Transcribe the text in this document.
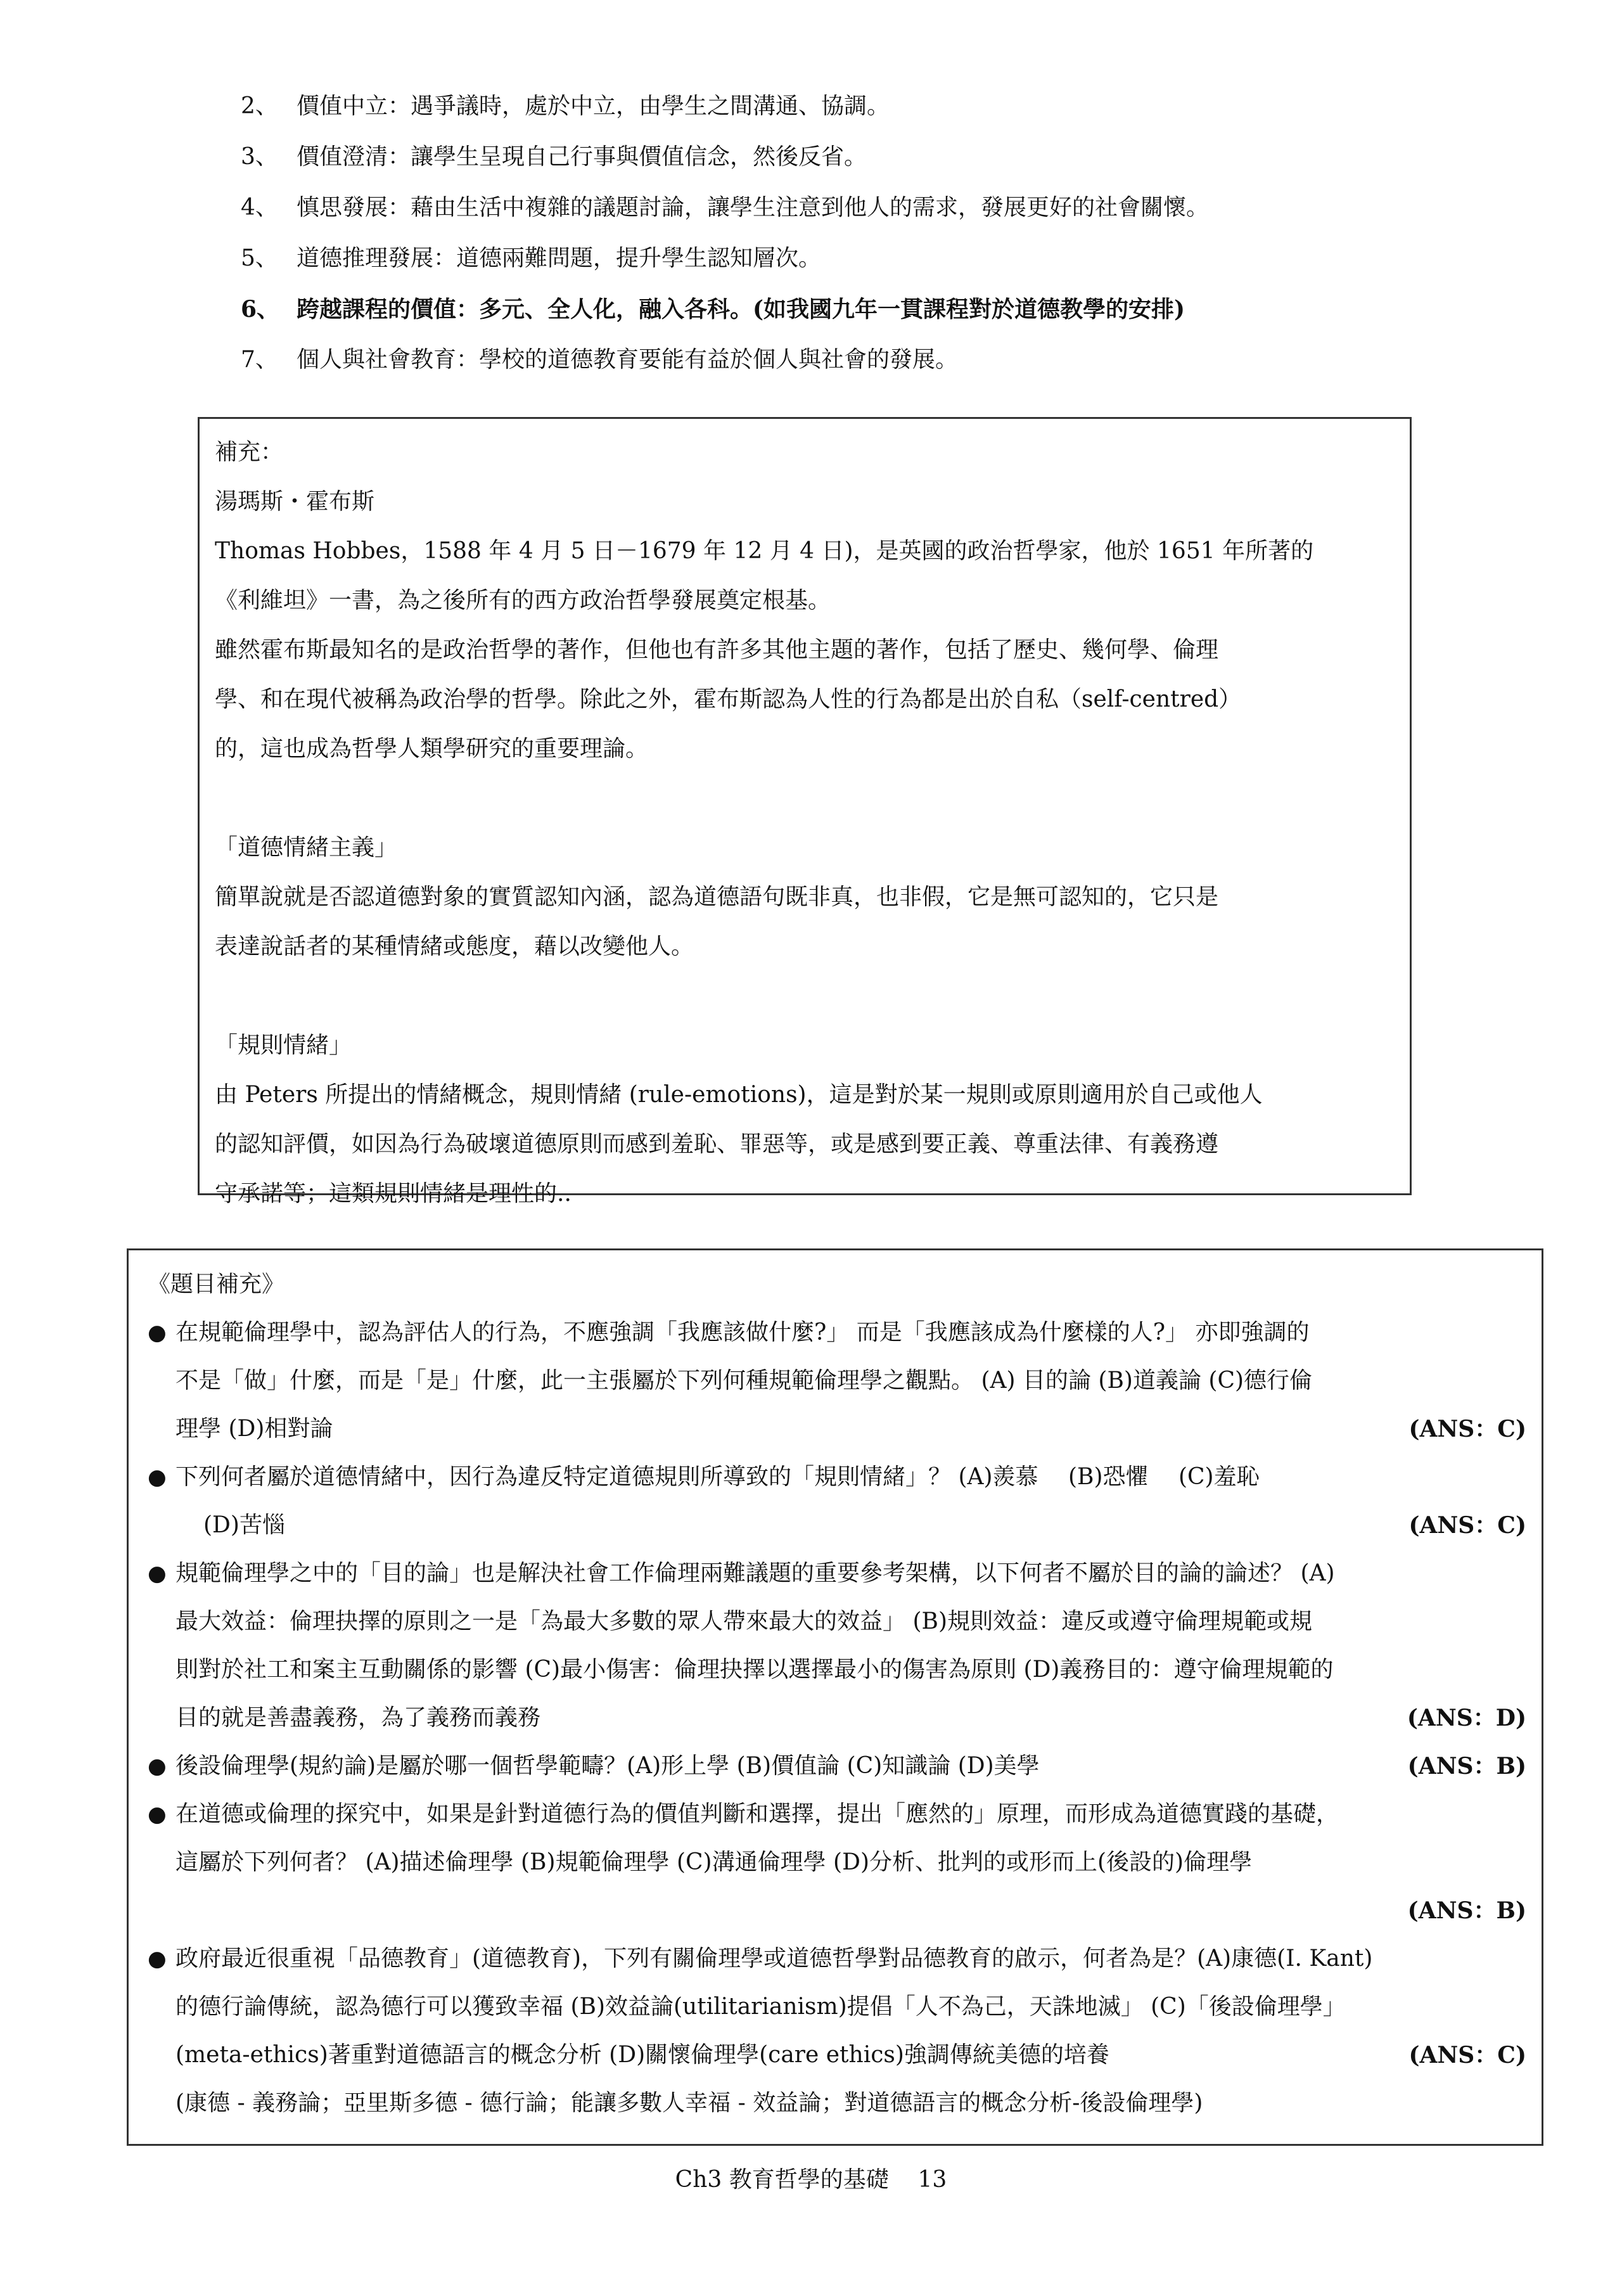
2、 價值中立：遇爭議時，處於中立，由學生之間溝通、協調。
3、 價值澄清：讓學生呈現自己行事與價值信念，然後反省。
4、 慎思發展：藉由生活中複雜的議題討論，讓學生注意到他人的需求，發展更好的社會關懷。
5、 道德推理發展：道德兩難問題，提升學生認知層次。
6、 跨越課程的價值：多元、全人化，融入各科。(如我國九年一貫課程對於道德教學的安排)
7、 個人與社會教育：學校的道德教育要能有益於個人與社會的發展。
補充：
湯瑪斯・霍布斯
Thomas Hobbes，1588 年 4 月 5 日－1679 年 12 月 4 日)，是英國的政治哲學家，他於 1651 年所著的
《利維坦》一書，為之後所有的西方政治哲學發展奠定根基。
雖然霍布斯最知名的是政治哲學的著作，但他也有許多其他主題的著作，包括了歷史、幾何學、倫理
學、和在現代被稱為政治學的哲學。除此之外，霍布斯認為人性的行為都是出於自私（self-centred）
的，這也成為哲學人類學研究的重要理論。
「道德情緒主義」
簡單說就是否認道德對象的實質認知內涵，認為道德語句既非真，也非假，它是無可認知的，它只是
表達說話者的某種情緒或態度，藉以改變他人。
「規則情緒」
由 Peters 所提出的情緒概念，規則情緒 (rule-emotions)，這是對於某一規則或原則適用於自己或他人
的認知評價，如因為行為破壞道德原則而感到羞恥、罪惡等，或是感到要正義、尊重法律、有義務遵
守承諾等；這類規則情緒是理性的..
《題目補充》
● 在規範倫理學中，認為評估人的行為，不應強調「我應該做什麼?」 而是「我應該成為什麼樣的人?」 亦即強調的
不是「做」什麼，而是「是」什麼，此一主張屬於下列何種規範倫理學之觀點。 (A) 目的論 (B)道義論 (C)德行倫
理學 (D)相對論	(ANS：C)
● 下列何者屬於道德情緒中，因行為違反特定道德規則所導致的「規則情緒」？ (A)羨慕　 (B)恐懼　 (C)羞恥
(D)苦惱	(ANS：C)
● 規範倫理學之中的「目的論」也是解決社會工作倫理兩難議題的重要參考架構，以下何者不屬於目的論的論述？ (A)
最大效益：倫理抉擇的原則之一是「為最大多數的眾人帶來最大的效益」 (B)規則效益：違反或遵守倫理規範或規
則對於社工和案主互動關係的影響 (C)最小傷害：倫理抉擇以選擇最小的傷害為原則 (D)義務目的：遵守倫理規範的
目的就是善盡義務，為了義務而義務	(ANS：D)
● 後設倫理學(規約論)是屬於哪一個哲學範疇？(A)形上學 (B)價值論 (C)知識論 (D)美學	(ANS：B)
● 在道德或倫理的探究中，如果是針對道德行為的價值判斷和選擇，提出「應然的」原理，而形成為道德實踐的基礎，
這屬於下列何者？ (A)描述倫理學 (B)規範倫理學 (C)溝通倫理學 (D)分析、批判的或形而上(後設的)倫理學
(ANS：B)
● 政府最近很重視「品德教育」(道德教育)，下列有關倫理學或道德哲學對品德教育的啟示，何者為是？(A)康德(I. Kant)
的德行論傳統，認為德行可以獲致幸福 (B)效益論(utilitarianism)提倡「人不為己，天誅地滅」 (C)「後設倫理學」
(meta-ethics)著重對道德語言的概念分析 (D)關懷倫理學(care ethics)強調傳統美德的培養	(ANS：C)
(康德 - 義務論；亞里斯多德 - 德行論；能讓多數人幸福 - 效益論；對道德語言的概念分析-後設倫理學)
Ch3 教育哲學的基礎 13
